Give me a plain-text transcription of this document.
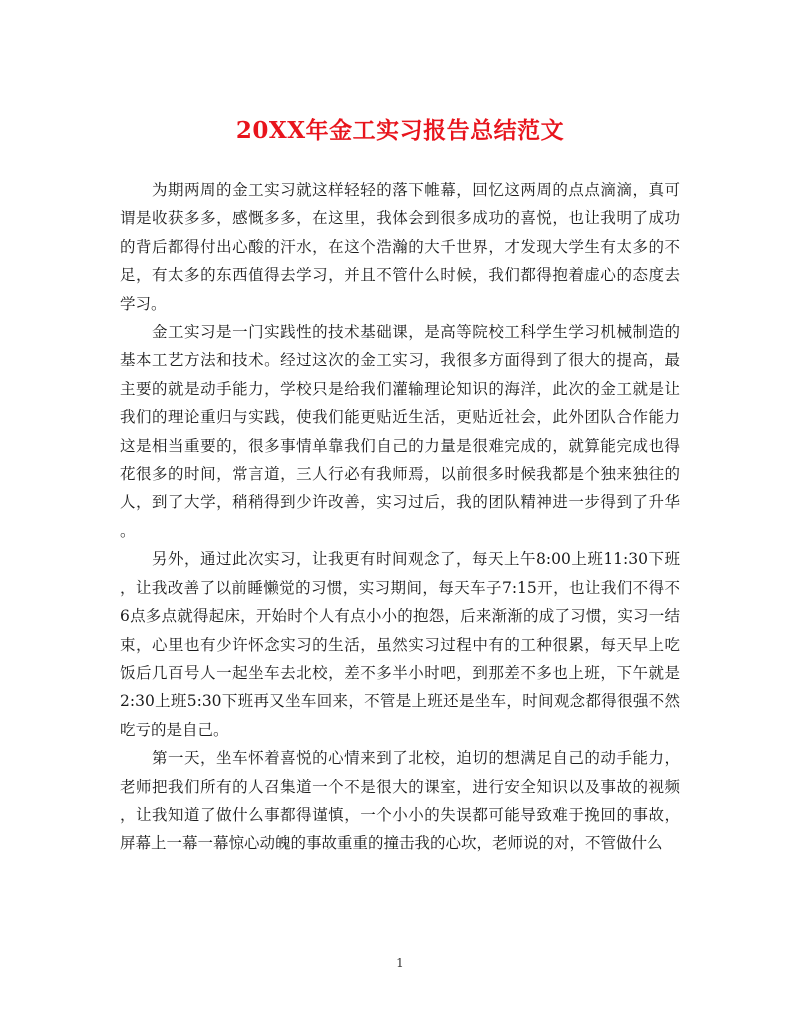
20XX年金工实习报告总结范文
为期两周的金工实习就这样轻轻的落下帷幕，回忆这两周的点点滴滴，真可
谓是收获多多，感慨多多，在这里，我体会到很多成功的喜悦，也让我明了成功
的背后都得付出心酸的汗水，在这个浩瀚的大千世界，才发现大学生有太多的不
足，有太多的东西值得去学习，并且不管什么时候，我们都得抱着虚心的态度去
学习。
金工实习是一门实践性的技术基础课，是高等院校工科学生学习机械制造的
基本工艺方法和技术。经过这次的金工实习，我很多方面得到了很大的提高，最
主要的就是动手能力，学校只是给我们灌输理论知识的海洋，此次的金工就是让
我们的理论重归与实践，使我们能更贴近生活，更贴近社会，此外团队合作能力
这是相当重要的，很多事情单靠我们自己的力量是很难完成的，就算能完成也得
花很多的时间，常言道，三人行必有我师焉，以前很多时候我都是个独来独往的
人，到了大学，稍稍得到少许改善，实习过后，我的团队精神进一步得到了升华
。
另外，通过此次实习，让我更有时间观念了，每天上午8:00上班11:30下班
，让我改善了以前睡懒觉的习惯，实习期间，每天车子7:15开，也让我们不得不
6点多点就得起床，开始时个人有点小小的抱怨，后来渐渐的成了习惯，实习一结
束，心里也有少许怀念实习的生活，虽然实习过程中有的工种很累，每天早上吃
饭后几百号人一起坐车去北校，差不多半小时吧，到那差不多也上班，下午就是
2:30上班5:30下班再又坐车回来，不管是上班还是坐车，时间观念都得很强不然
吃亏的是自己。
第一天，坐车怀着喜悦的心情来到了北校，迫切的想满足自己的动手能力，
老师把我们所有的人召集道一个不是很大的课室，进行安全知识以及事故的视频
，让我知道了做什么事都得谨慎，一个小小的失误都可能导致难于挽回的事故，
屏幕上一幕一幕惊心动魄的事故重重的撞击我的心坎，老师说的对，不管做什么
1
